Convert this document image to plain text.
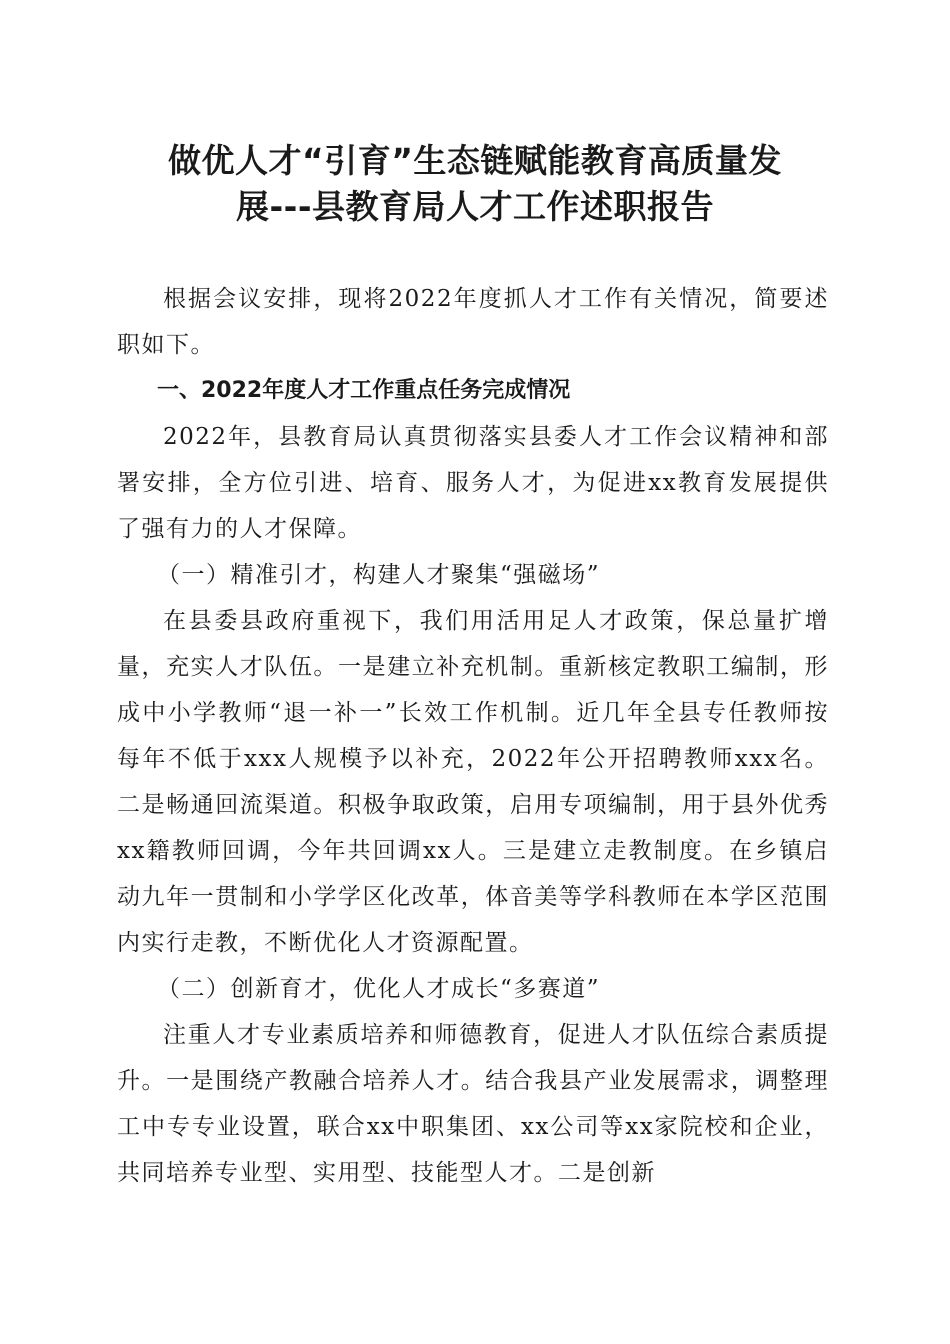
做优人才“引育”生态链赋能教育高质量发
展---县教育局人才工作述职报告

根据会议安排，现将2022年度抓人才工作有关情况，简要述职如下。

一、2022年度人才工作重点任务完成情况

2022年，县教育局认真贯彻落实县委人才工作会议精神和部署安排，全方位引进、培育、服务人才，为促进xx教育发展提供了强有力的人才保障。

（一）精准引才，构建人才聚集“强磁场”

在县委县政府重视下，我们用活用足人才政策，保总量扩增量，充实人才队伍。一是建立补充机制。重新核定教职工编制，形成中小学教师“退一补一”长效工作机制。近几年全县专任教师按每年不低于xxx人规模予以补充，2022年公开招聘教师xxx名。二是畅通回流渠道。积极争取政策，启用专项编制，用于县外优秀xx籍教师回调，今年共回调xx人。三是建立走教制度。在乡镇启动九年一贯制和小学学区化改革，体音美等学科教师在本学区范围内实行走教，不断优化人才资源配置。

（二）创新育才，优化人才成长“多赛道”

注重人才专业素质培养和师德教育，促进人才队伍综合素质提升。一是围绕产教融合培养人才。结合我县产业发展需求，调整理工中专专业设置，联合xx中职集团、xx公司等xx家院校和企业，共同培养专业型、实用型、技能型人才。二是创新
